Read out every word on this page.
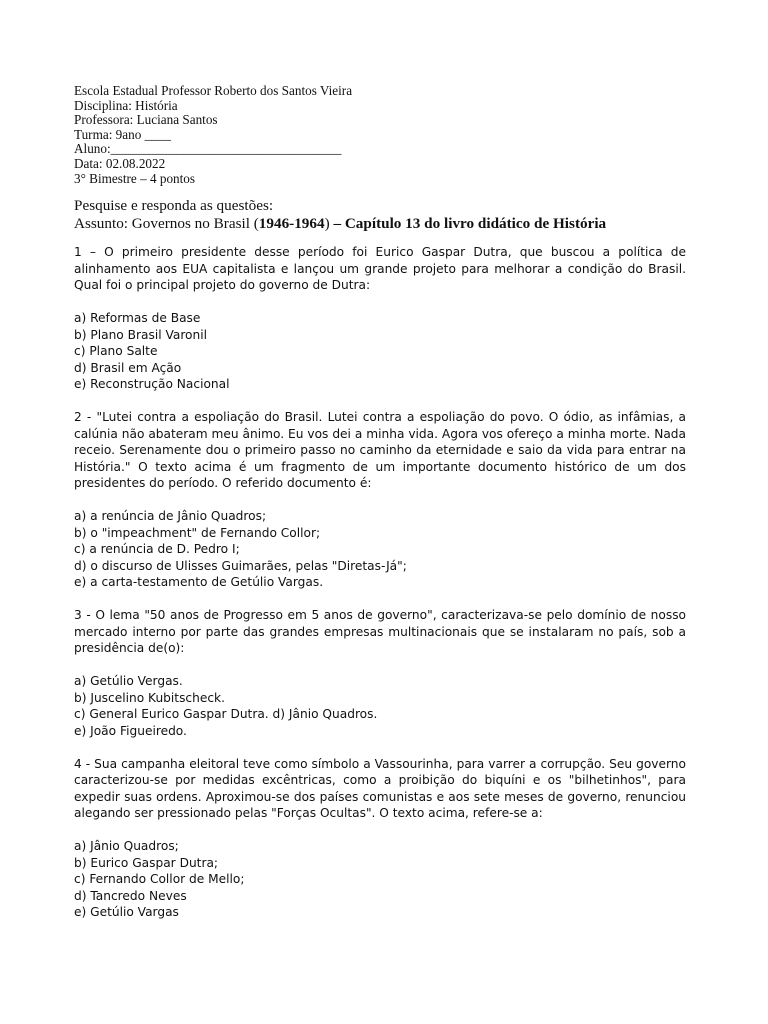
Escola Estadual Professor Roberto dos Santos Vieira
Disciplina: História
Professora: Luciana Santos
Turma: 9ano ____
Aluno:___________________________________
Data: 02.08.2022
3° Bimestre – 4 pontos
Pesquise e responda as questões:
Assunto: Governos no Brasil (1946-1964) – Capítulo 13 do livro didático de História

1 – O primeiro presidente desse período foi Eurico Gaspar Dutra, que buscou a política de alinhamento aos EUA capitalista e lançou um grande projeto para melhorar a condição do Brasil. Qual foi o principal projeto do governo de Dutra:

a) Reformas de Base
b) Plano Brasil Varonil
c) Plano Salte
d) Brasil em Ação
e) Reconstrução Nacional

2 - "Lutei contra a espoliação do Brasil. Lutei contra a espoliação do povo. O ódio, as infâmias, a calúnia não abateram meu ânimo. Eu vos dei a minha vida. Agora vos ofereço a minha morte. Nada receio. Serenamente dou o primeiro passo no caminho da eternidade e saio da vida para entrar na História." O texto acima é um fragmento de um importante documento histórico de um dos presidentes do período. O referido documento é:

a) a renúncia de Jânio Quadros;
b) o "impeachment" de Fernando Collor;
c) a renúncia de D. Pedro I;
d) o discurso de Ulisses Guimarães, pelas "Diretas-Já";
e) a carta-testamento de Getúlio Vargas.

3 - O lema "50 anos de Progresso em 5 anos de governo", caracterizava-se pelo domínio de nosso mercado interno por parte das grandes empresas multinacionais que se instalaram no país, sob a presidência de(o):

a) Getúlio Vergas.
b) Juscelino Kubitscheck.
c) General Eurico Gaspar Dutra. d) Jânio Quadros.
e) João Figueiredo.

4 - Sua campanha eleitoral teve como símbolo a Vassourinha, para varrer a corrupção. Seu governo caracterizou-se por medidas excêntricas, como a proibição do biquíni e os "bilhetinhos", para expedir suas ordens. Aproximou-se dos países comunistas e aos sete meses de governo, renunciou alegando ser pressionado pelas "Forças Ocultas". O texto acima, refere-se a:

a) Jânio Quadros;
b) Eurico Gaspar Dutra;
c) Fernando Collor de Mello;
d) Tancredo Neves
e) Getúlio Vargas
